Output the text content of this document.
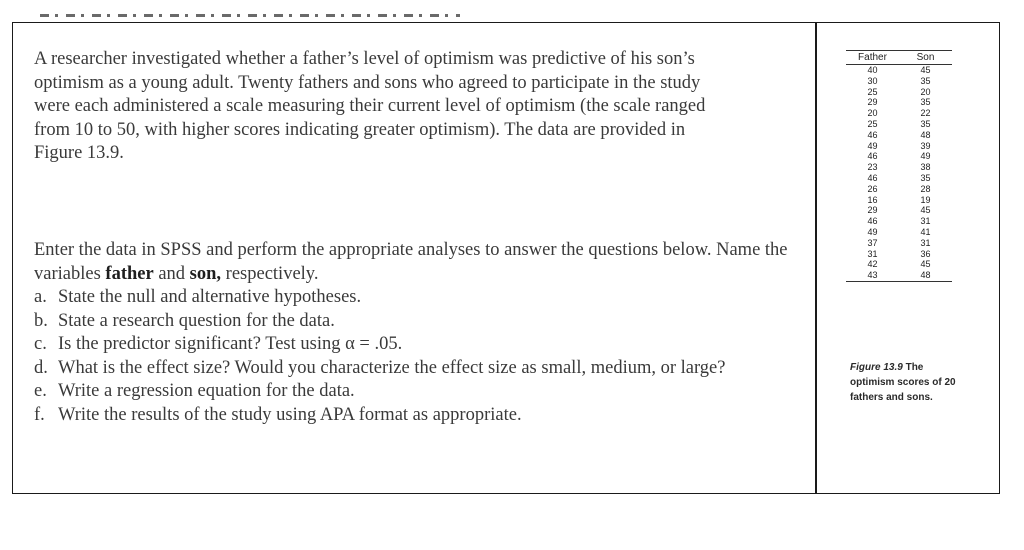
A researcher investigated whether a father’s level of optimism was predictive of his son’s optimism as a young adult. Twenty fathers and sons who agreed to participate in the study were each administered a scale measuring their current level of optimism (the scale ranged from 10 to 50, with higher scores indicating greater optimism). The data are provided in Figure 13.9.

Enter the data in SPSS and perform the appropriate analyses to answer the questions below. Name the variables father and son, respectively.

a. State the null and alternative hypotheses.
b. State a research question for the data.
c. Is the predictor significant? Test using α = .05.
d. What is the effect size? Would you characterize the effect size as small, medium, or large?
e. Write a regression equation for the data.
f. Write the results of the study using APA format as appropriate.
Father	Son
40	45
30	35
25	20
29	35
20	22
25	35
46	48
49	39
46	49
23	38
46	35
26	28
16	19
29	45
46	31
49	41
37	31
31	36
42	45
43	48

Figure 13.9 The optimism scores of 20 fathers and sons.
